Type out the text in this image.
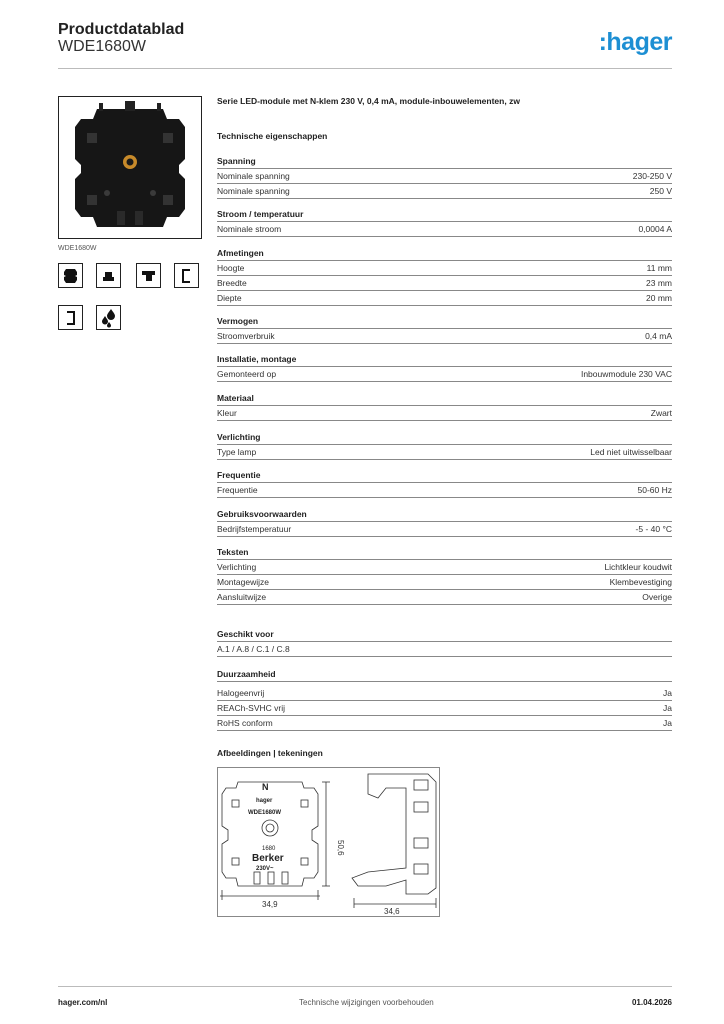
Productdatablad
WDE1680W	:hager
WDE1680W
Serie LED-module met N-klem 230 V, 0,4 mA, module-inbouwelementen, zw
Technische eigenschappen
Spanning
Nominale spanning	230-250 V
Nominale spanning	250 V
Stroom / temperatuur
Nominale stroom	0,0004 A
Afmetingen
Hoogte	11 mm
Breedte	23 mm
Diepte	20 mm
Vermogen
Stroomverbruik	0,4 mA
Installatie, montage
Gemonteerd op	Inbouwmodule 230 VAC
Materiaal
Kleur	Zwart
Verlichting
Type lamp	Led niet uitwisselbaar
Frequentie
Frequentie	50-60 Hz
Gebruiksvoorwaarden
Bedrijfstemperatuur	-5 - 40 °C
Teksten
Verlichting	Lichtkleur koudwit
Montagewijze	Klembevestiging
Aansluitwijze	Overige
Geschikt voor
A.1 / A.8 / C.1 / C.8
Duurzaamheid
Halogeenvrij	Ja
REACh-SVHC vrij	Ja
RoHS conform	Ja
Afbeeldingen | tekeningen
N
hager
WDE1680W
1680
Berker
230V~
34,9
50,6
34,6
hager.com/nl	Technische wijzigingen voorbehouden	01.04.2026
